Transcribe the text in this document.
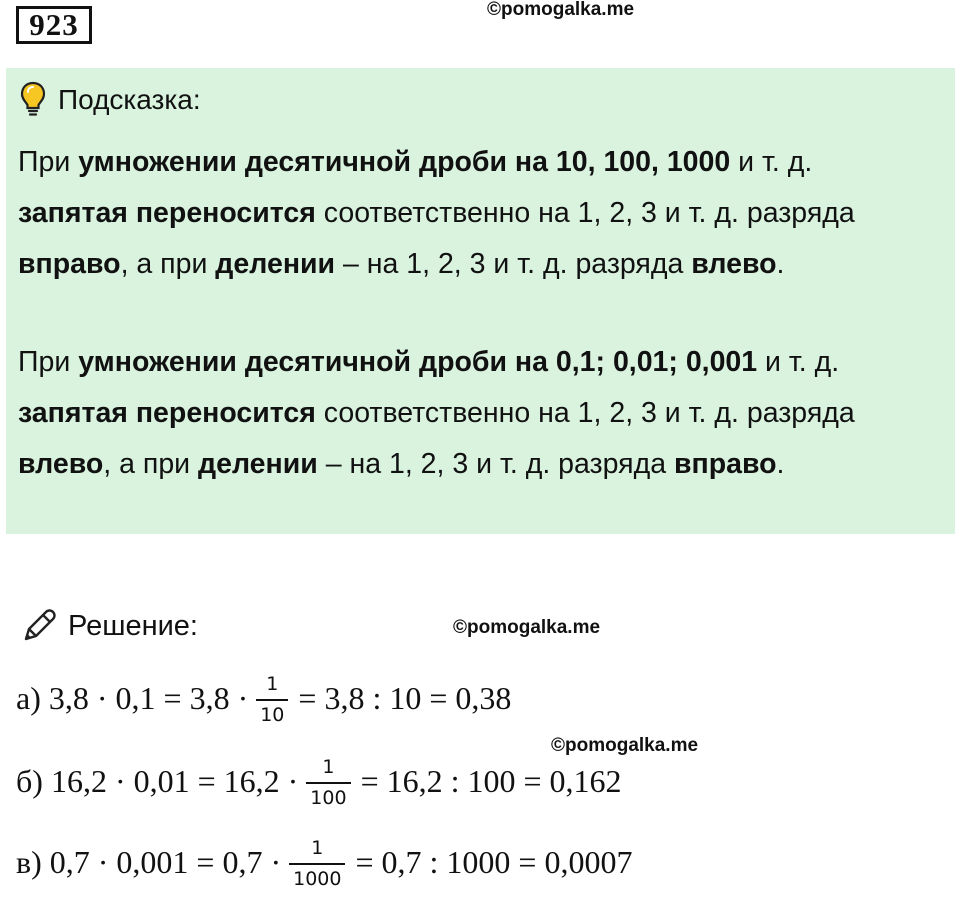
923	©pomogalka.me
Подсказка:
При умножении десятичной дроби на 10, 100, 1000 и т. д.
запятая переносится соответственно на 1, 2, 3 и т. д. разряда
вправо, а при делении – на 1, 2, 3 и т. д. разряда влево.
При умножении десятичной дроби на 0,1; 0,01; 0,001 и т. д.
запятая переносится соответственно на 1, 2, 3 и т. д. разряда
влево, а при делении – на 1, 2, 3 и т. д. разряда вправо.
Решение:	©pomogalka.me
а) $3,8 \cdot 0,1 = 3,8 \cdot \frac{1}{10} = 3,8$ : 10 = 0,38
©pomogalka.me
б) $16,2 \cdot 0,01 = 16,2 \cdot \frac{1}{100} = 16,2$ : 100 = 0,162
в) $0,7 \cdot 0,001 = 0,7 \cdot \frac{1}{1000} = 0,7$ : 1000 = 0,0007
